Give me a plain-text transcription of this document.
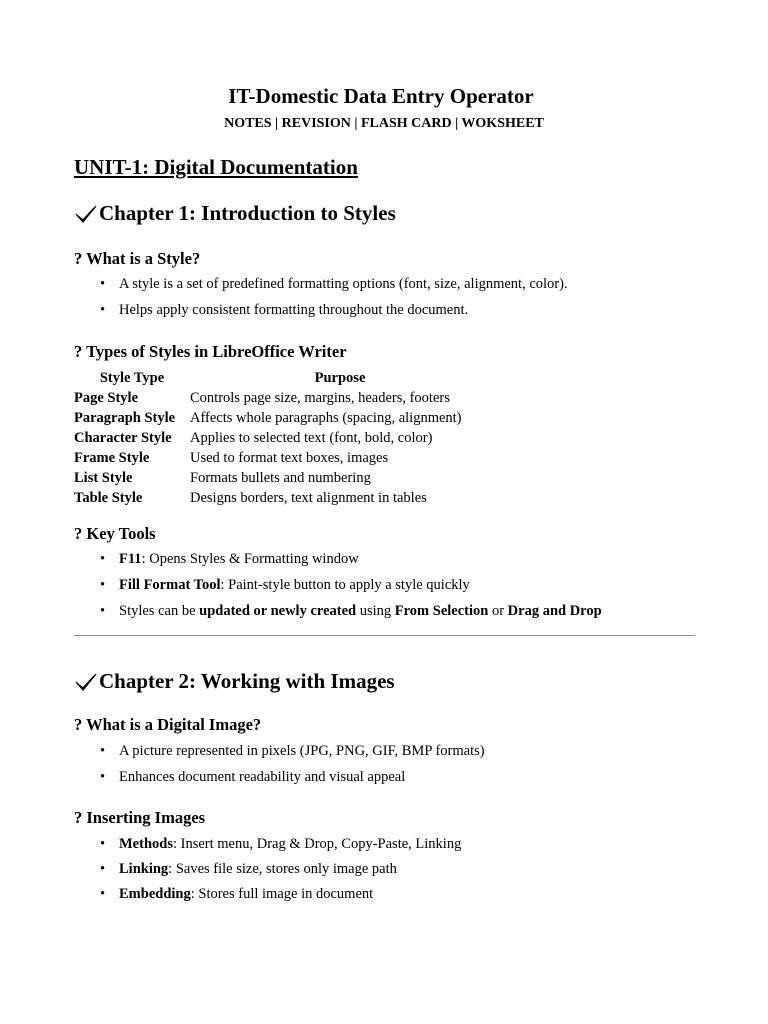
IT-Domestic Data Entry Operator
NOTES | REVISION | FLASH CARD | WOKSHEET
UNIT-1: Digital Documentation
Chapter 1: Introduction to Styles
? What is a Style?
• A style is a set of predefined formatting options (font, size, alignment, color).
• Helps apply consistent formatting throughout the document.
? Types of Styles in LibreOffice Writer
Style Type	Purpose
Page Style	Controls page size, margins, headers, footers
Paragraph Style	Affects whole paragraphs (spacing, alignment)
Character Style	Applies to selected text (font, bold, color)
Frame Style	Used to format text boxes, images
List Style	Formats bullets and numbering
Table Style	Designs borders, text alignment in tables
? Key Tools
• F11: Opens Styles & Formatting window
• Fill Format Tool: Paint-style button to apply a style quickly
• Styles can be updated or newly created using From Selection or Drag and Drop
Chapter 2: Working with Images
? What is a Digital Image?
• A picture represented in pixels (JPG, PNG, GIF, BMP formats)
• Enhances document readability and visual appeal
? Inserting Images
• Methods: Insert menu, Drag & Drop, Copy-Paste, Linking
• Linking: Saves file size, stores only image path
• Embedding: Stores full image in document
